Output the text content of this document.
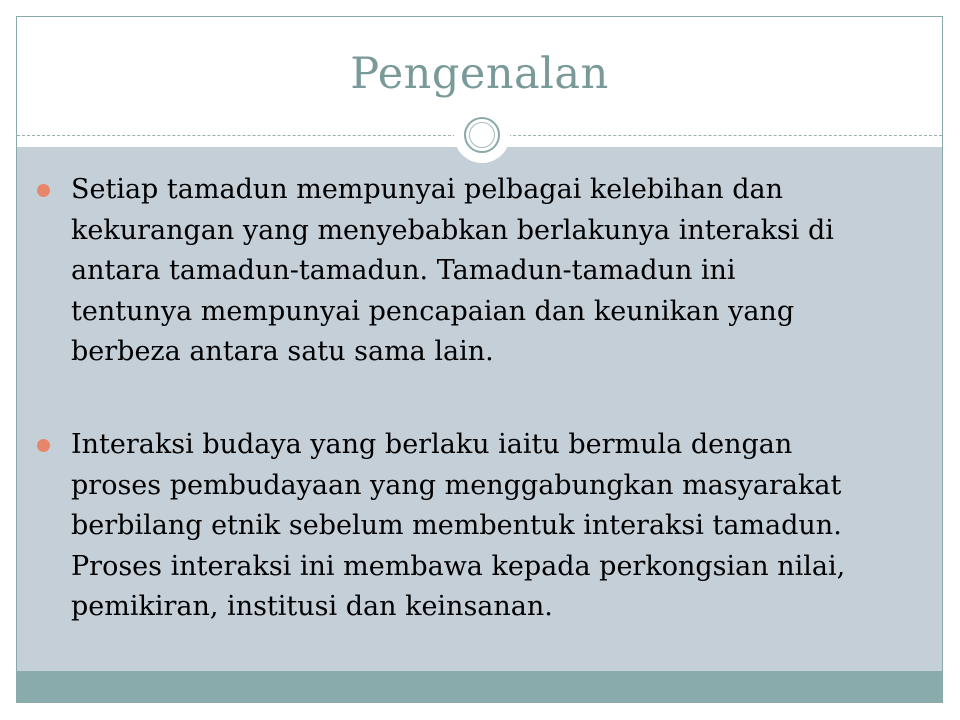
Pengenalan
Setiap tamadun mempunyai pelbagai kelebihan dan
kekurangan yang menyebabkan berlakunya interaksi di
antara tamadun-tamadun. Tamadun-tamadun ini
tentunya mempunyai pencapaian dan keunikan yang
berbeza antara satu sama lain.
Interaksi budaya yang berlaku iaitu bermula dengan
proses pembudayaan yang menggabungkan masyarakat
berbilang etnik sebelum membentuk interaksi tamadun.
Proses interaksi ini membawa kepada perkongsian nilai,
pemikiran, institusi dan keinsanan.
